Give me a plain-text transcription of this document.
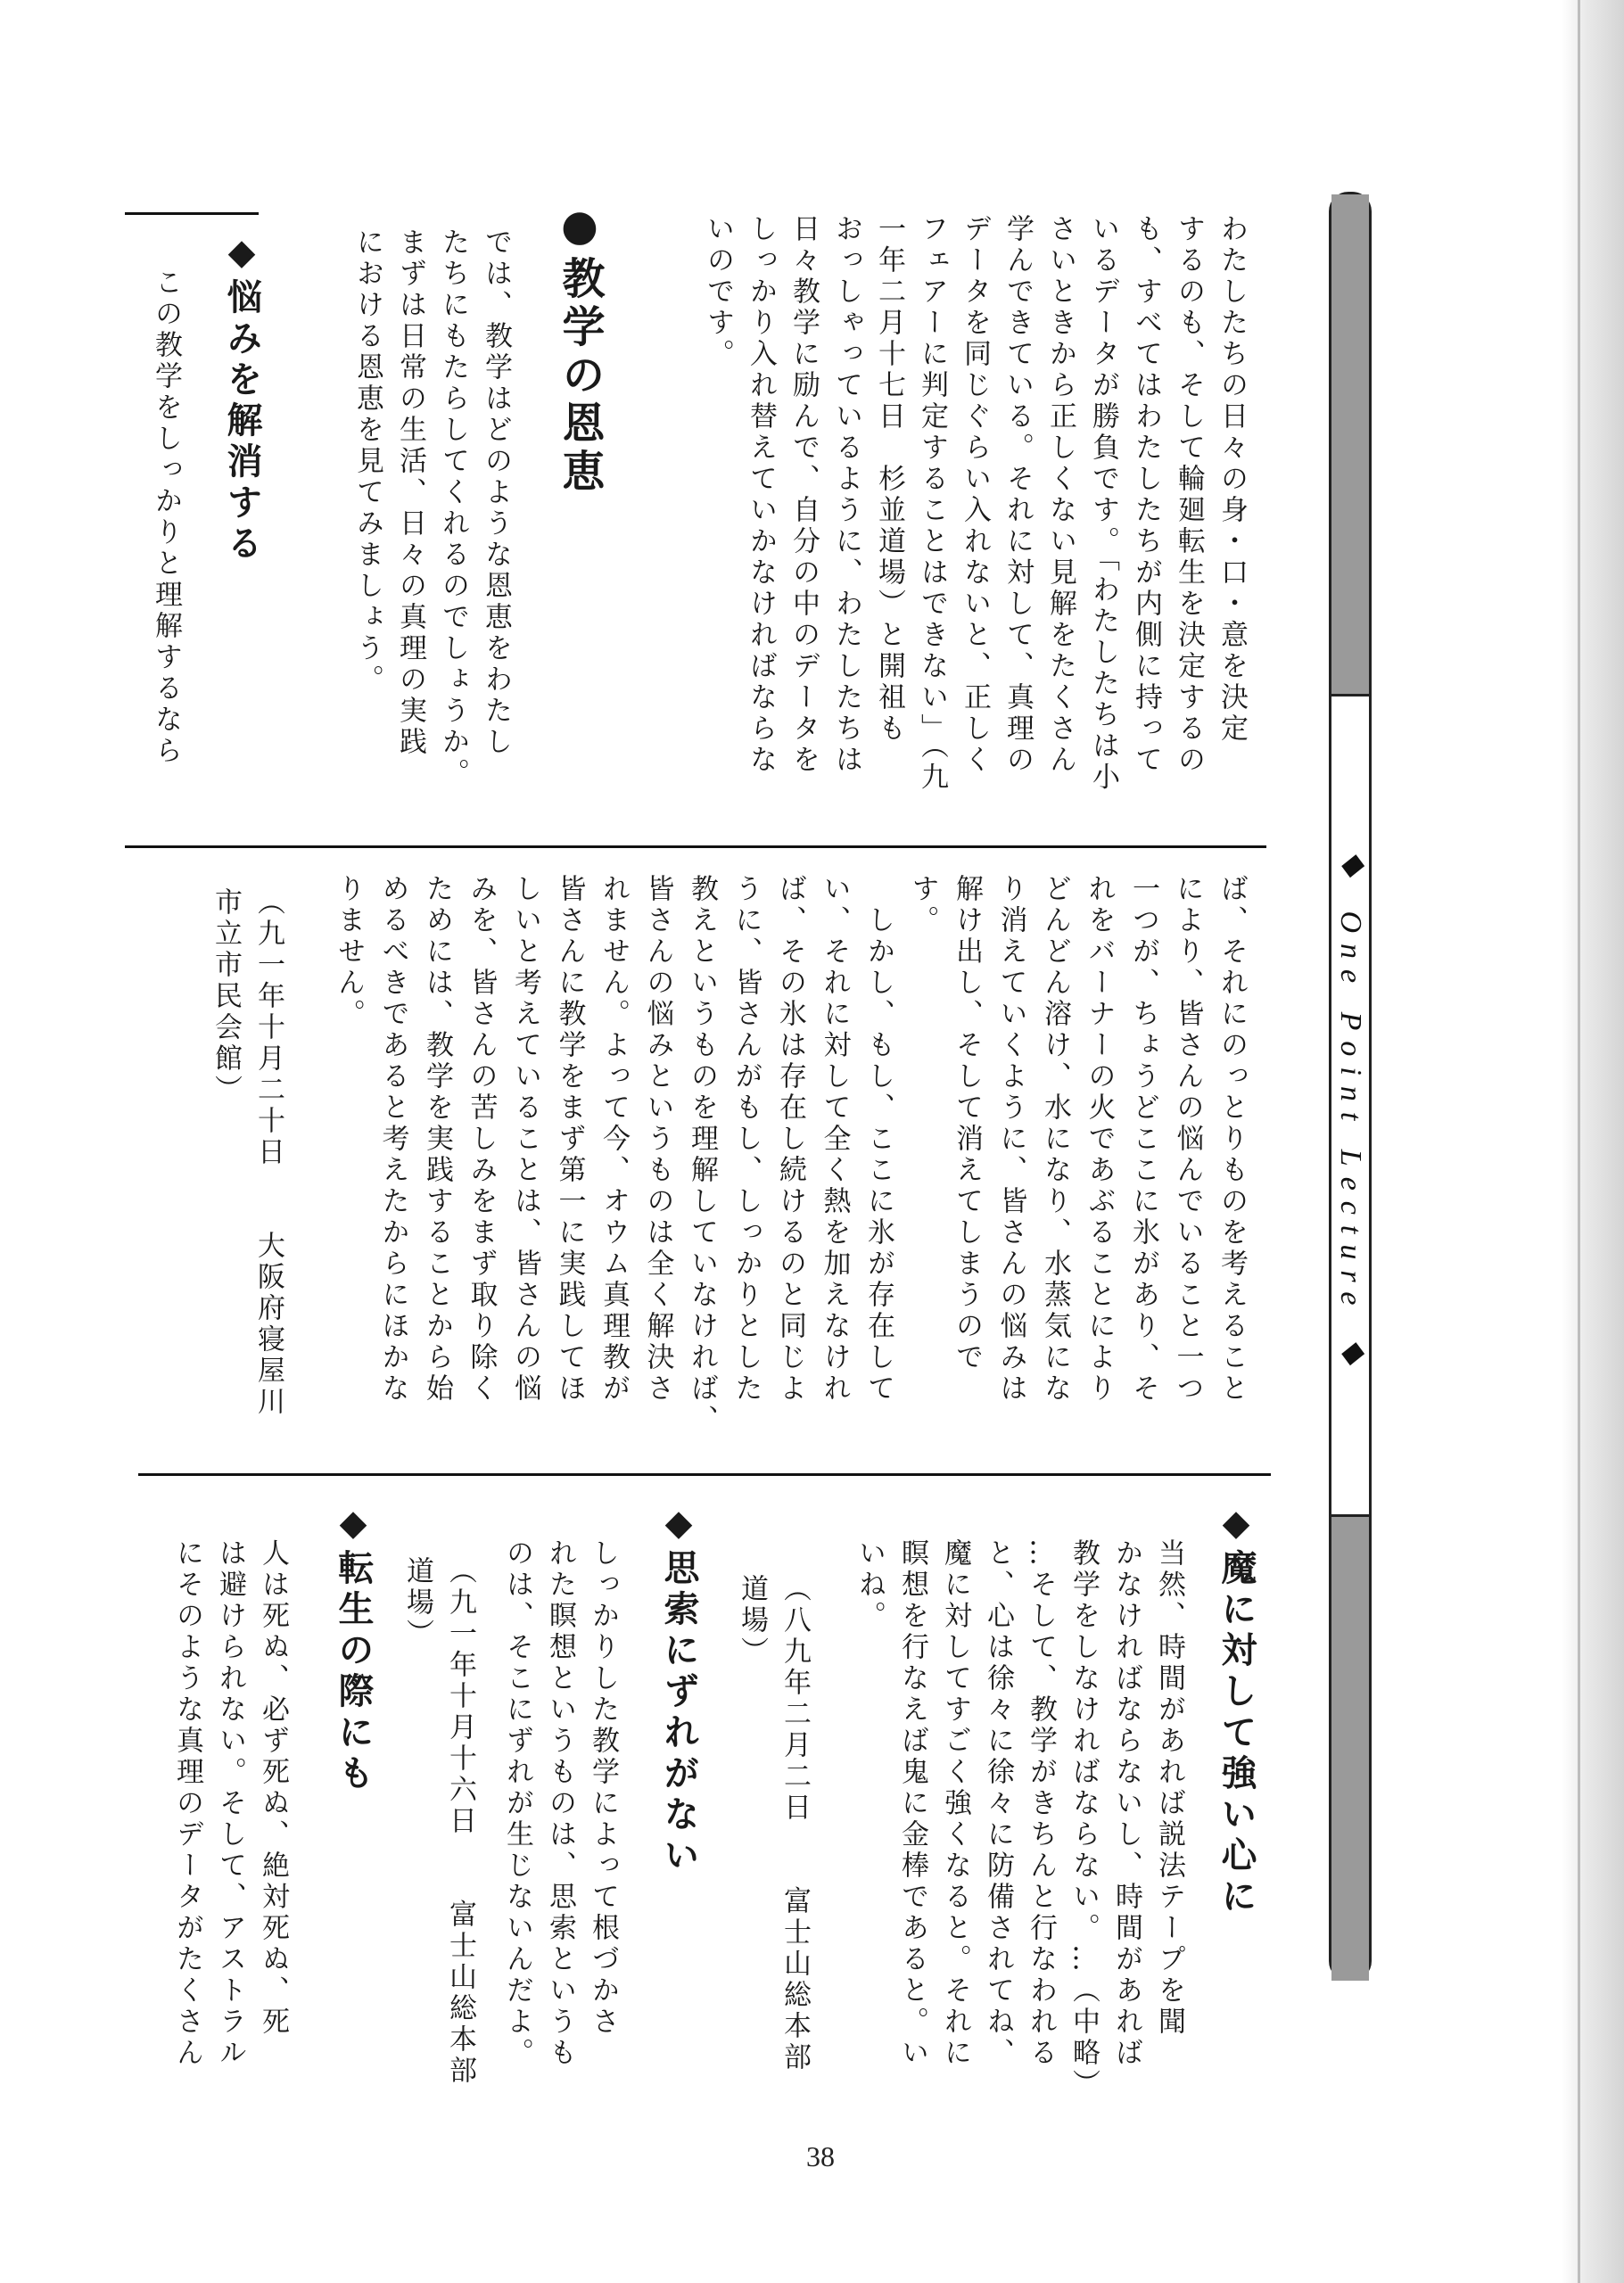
◆ One Point Lecture ◆

わたしたちの日々の身・口・意を決定

するのも、そして輪廻転生を決定するの

も、すべてはわたしたちが内側に持って

いるデータが勝負です。「わたしたちは小

さいときから正しくない見解をたくさん

学んできている。それに対して、真理の

データを同じぐらい入れないと、正しく

フェアーに判定することはできない」（九

一年二月十七日　杉並道場）と開祖も

おっしゃっているように、わたしたちは

日々教学に励んで、自分の中のデータを

しっかり入れ替えていかなければならな

いのです。

●教学の恩恵

では、教学はどのような恩恵をわたし

たちにもたらしてくれるのでしょうか。

まずは日常の生活、日々の真理の実践

における恩恵を見てみましょう。

◆悩みを解消する

この教学をしっかりと理解するなら

ば、それにのっとりものを考えること

により、皆さんの悩んでいること一つ

一つが、ちょうどここに氷があり、そ

れをバーナーの火であぶることにより

どんどん溶け、水になり、水蒸気にな

り消えていくように、皆さんの悩みは

解け出し、そして消えてしまうので

す。

　しかし、もし、ここに氷が存在して

い、それに対して全く熱を加えなけれ

ば、その氷は存在し続けるのと同じよ

うに、皆さんがもし、しっかりとした

教えというものを理解していなければ、

皆さんの悩みというものは全く解決さ

れません。よって今、オウム真理教が

皆さんに教学をまず第一に実践してほ

しいと考えていることは、皆さんの悩

みを、皆さんの苦しみをまず取り除く

ためには、教学を実践することから始

めるべきであると考えたからにほかな

りません。

（九一年十月二十日　　大阪府寝屋川市立市民会館）
◆魔に対して強い心に

当然、時間があれば説法テープを聞

かなければならないし、時間があれば

教学をしなければならない。…（中略）

…そして、教学がきちんと行なわれる

と、心は徐々に徐々に防備されてね、

魔に対してすごく強くなると。それに

瞑想を行なえば鬼に金棒であると。い

いね。

（八九年二月二日　　富士山総本部道場）
◆思索にずれがない

しっかりした教学によって根づかさ

れた瞑想というものは、思索というも

のは、そこにずれが生じないんだよ。

（九一年十月十六日　　富士山総本部道場）
◆転生の際にも

人は死ぬ、必ず死ぬ、絶対死ぬ、死

は避けられない。そして、アストラル

にそのような真理のデータがたくさん

38
